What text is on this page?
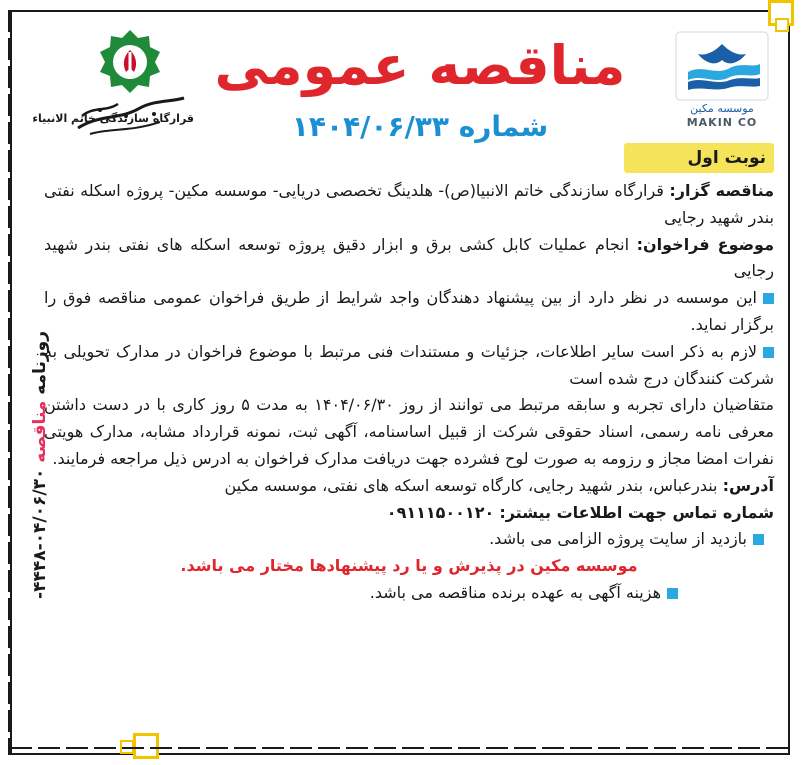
روزنامه مناقصه ۰۴/۰۶/۳۰-۴۴۴۸-
قرارگاه سازندگی خاتم الانبیاء
موسسه مکین
MAKIN CO
مناقصه عمومی
شماره ۱۴۰۴/۰۶/۳۳
نوبت اول

مناقصه گزار: قرارگاه سازندگی خاتم الانبیا(ص)- هلدینگ تخصصی دریایی- موسسه مکین- پروژه اسکله نفتی بندر شهید رجایی

موضوع فراخوان: انجام عملیات کابل کشی برق و ابزار دقیق پروژه توسعه اسکله های نفتی بندر شهید رجایی

این موسسه در نظر دارد از بین پیشنهاد دهندگان واجد شرایط از طریق فراخوان عمومی مناقصه فوق را برگزار نماید.

لازم به ذکر است سایر اطلاعات، جزئیات و مستندات فنی مرتبط با موضوع فراخوان در مدارک تحویلی به شرکت کنندگان درج شده است

متقاضیان دارای تجربه و سابقه مرتبط می توانند از روز ۱۴۰۴/۰۶/۳۰ به مدت ۵ روز کاری با در دست داشتن معرفی نامه رسمی، اسناد حقوقی شرکت از قبیل اساسنامه، آگهی ثبت، نمونه قرارداد مشابه، مدارک هویتی نفرات امضا مجاز و رزومه به صورت لوح فشرده جهت دریافت مدارک فراخوان به ادرس ذیل مراجعه فرمایند.

آدرس: بندرعباس، بندر شهید رجایی، کارگاه توسعه اسکه های نفتی، موسسه مکین

شماره تماس جهت اطلاعات بیشتر: ۰۹۱۱۱۵۰۰۱۲۰

بازدید از سایت پروژه الزامی می باشد.

موسسه مکین در پذیرش و یا رد پیشنهادها مختار می باشد.

هزینه آگهی به عهده برنده مناقصه می باشد.
